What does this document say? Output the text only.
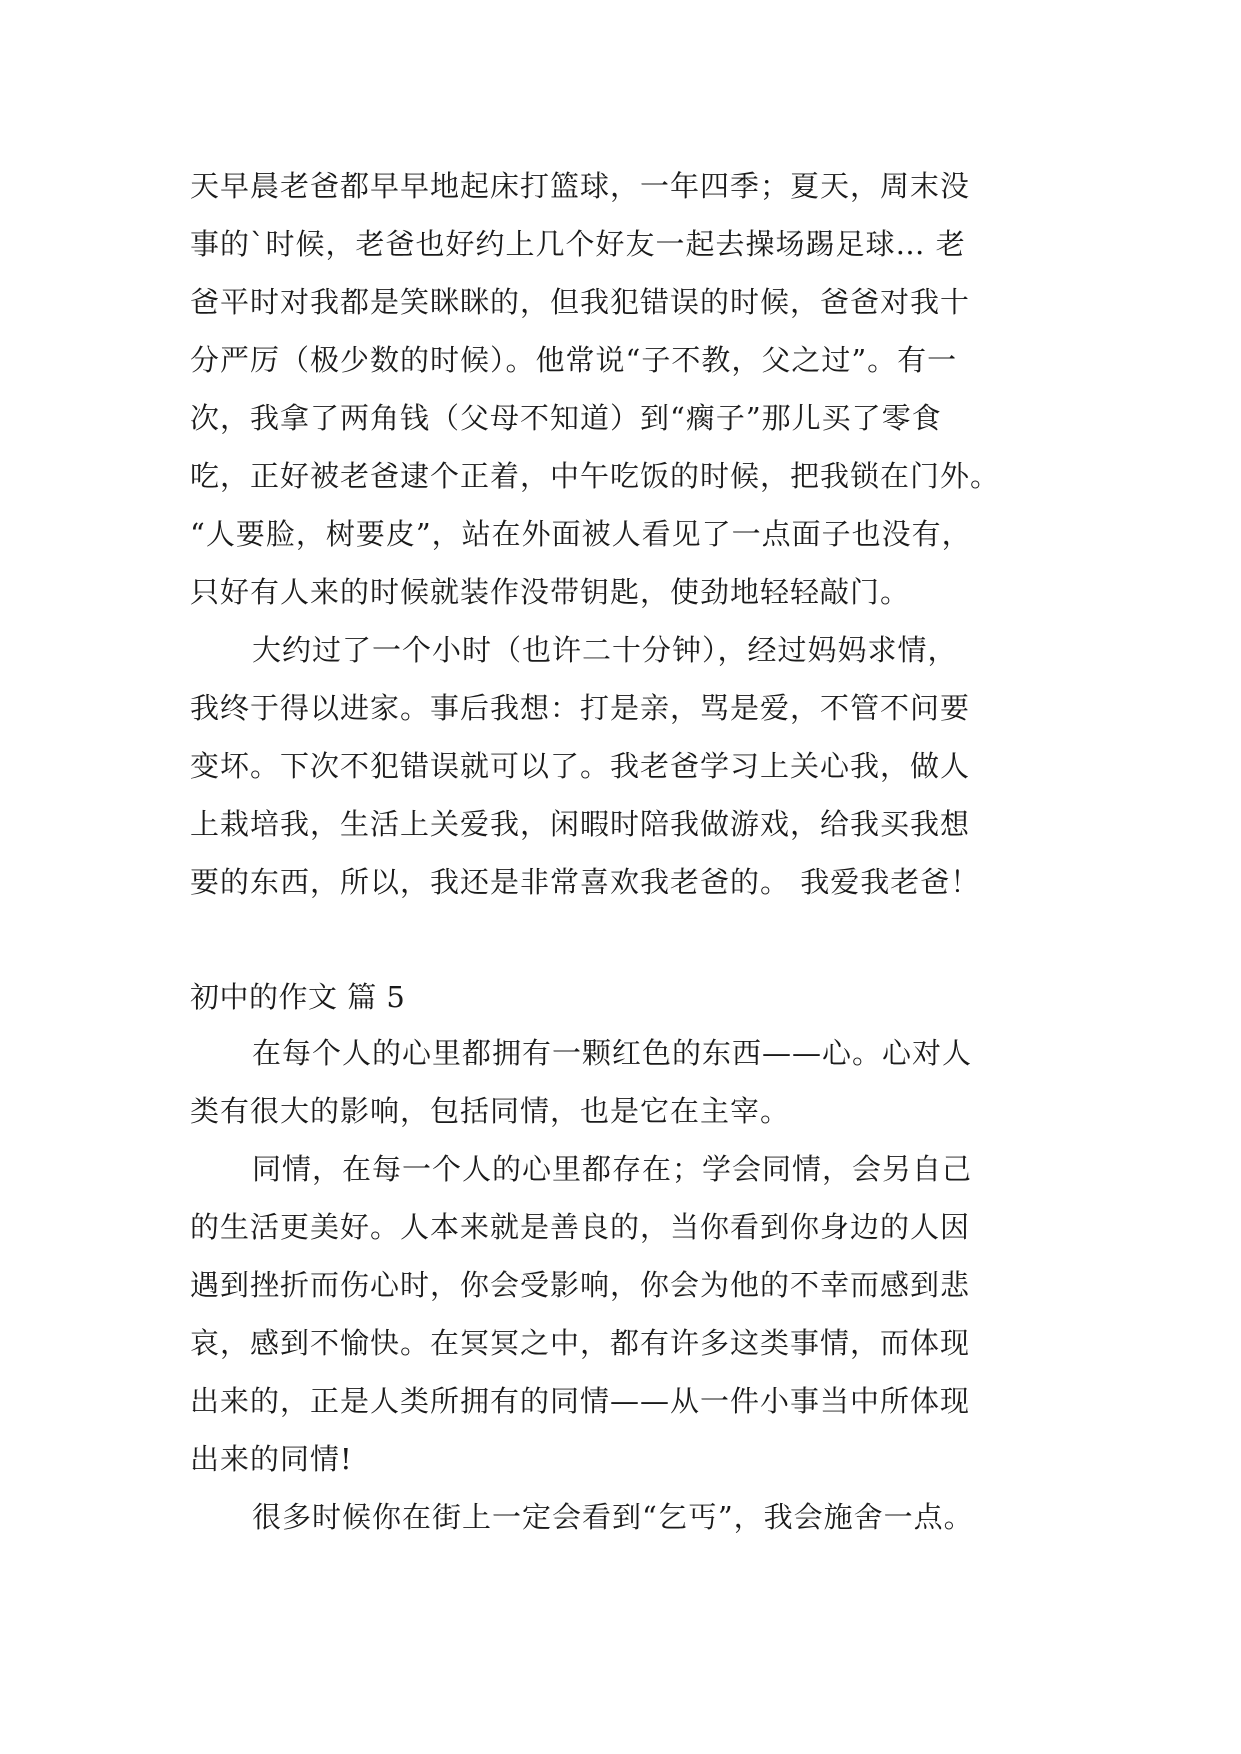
天早晨老爸都早早地起床打篮球，一年四季；夏天，周末没
事的`时候，老爸也好约上几个好友一起去操场踢足球… 老
爸平时对我都是笑眯眯的，但我犯错误的时候，爸爸对我十
分严厉（极少数的时候）。他常说“子不教，父之过”。有一
次，我拿了两角钱（父母不知道）到“瘸子”那儿买了零食
吃，正好被老爸逮个正着，中午吃饭的时候，把我锁在门外。
“人要脸，树要皮”，站在外面被人看见了一点面子也没有，
只好有人来的时候就装作没带钥匙，使劲地轻轻敲门。
大约过了一个小时（也许二十分钟），经过妈妈求情，
我终于得以进家。事后我想：打是亲，骂是爱，不管不问要
变坏。下次不犯错误就可以了。我老爸学习上关心我，做人
上栽培我，生活上关爱我，闲暇时陪我做游戏，给我买我想
要的东西，所以，我还是非常喜欢我老爸的。 我爱我老爸！
初中的作文 篇 5
在每个人的心里都拥有一颗红色的东西——心。心对人
类有很大的影响，包括同情，也是它在主宰。
同情，在每一个人的心里都存在；学会同情，会另自己
的生活更美好。人本来就是善良的，当你看到你身边的人因
遇到挫折而伤心时，你会受影响，你会为他的不幸而感到悲
哀，感到不愉快。在冥冥之中，都有许多这类事情，而体现
出来的，正是人类所拥有的同情——从一件小事当中所体现
出来的同情!
很多时候你在街上一定会看到“乞丐”，我会施舍一点。
